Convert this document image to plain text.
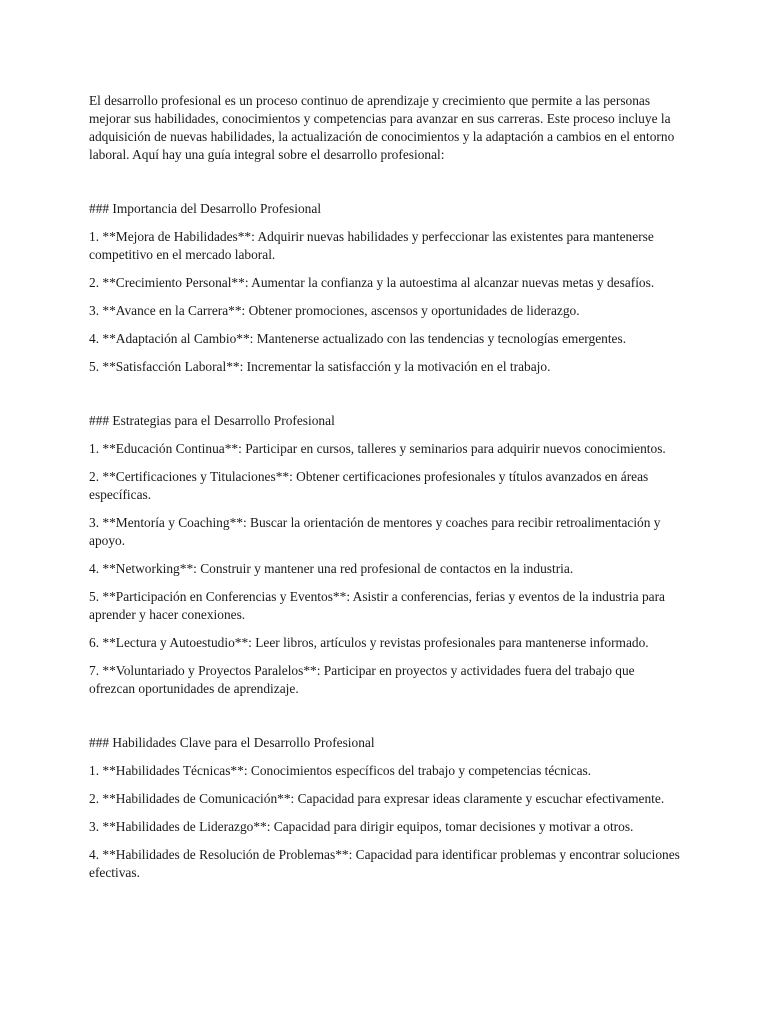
El desarrollo profesional es un proceso continuo de aprendizaje y crecimiento que permite a las personas mejorar sus habilidades, conocimientos y competencias para avanzar en sus carreras. Este proceso incluye la adquisición de nuevas habilidades, la actualización de conocimientos y la adaptación a cambios en el entorno laboral. Aquí hay una guía integral sobre el desarrollo profesional:

### Importancia del Desarrollo Profesional

1. **Mejora de Habilidades**: Adquirir nuevas habilidades y perfeccionar las existentes para mantenerse competitivo en el mercado laboral.

2. **Crecimiento Personal**: Aumentar la confianza y la autoestima al alcanzar nuevas metas y desafíos.

3. **Avance en la Carrera**: Obtener promociones, ascensos y oportunidades de liderazgo.

4. **Adaptación al Cambio**: Mantenerse actualizado con las tendencias y tecnologías emergentes.

5. **Satisfacción Laboral**: Incrementar la satisfacción y la motivación en el trabajo.

### Estrategias para el Desarrollo Profesional

1. **Educación Continua**: Participar en cursos, talleres y seminarios para adquirir nuevos conocimientos.

2. **Certificaciones y Titulaciones**: Obtener certificaciones profesionales y títulos avanzados en áreas específicas.

3. **Mentoría y Coaching**: Buscar la orientación de mentores y coaches para recibir retroalimentación y apoyo.

4. **Networking**: Construir y mantener una red profesional de contactos en la industria.

5. **Participación en Conferencias y Eventos**: Asistir a conferencias, ferias y eventos de la industria para aprender y hacer conexiones.

6. **Lectura y Autoestudio**: Leer libros, artículos y revistas profesionales para mantenerse informado.

7. **Voluntariado y Proyectos Paralelos**: Participar en proyectos y actividades fuera del trabajo que ofrezcan oportunidades de aprendizaje.

### Habilidades Clave para el Desarrollo Profesional

1. **Habilidades Técnicas**: Conocimientos específicos del trabajo y competencias técnicas.

2. **Habilidades de Comunicación**: Capacidad para expresar ideas claramente y escuchar efectivamente.

3. **Habilidades de Liderazgo**: Capacidad para dirigir equipos, tomar decisiones y motivar a otros.

4. **Habilidades de Resolución de Problemas**: Capacidad para identificar problemas y encontrar soluciones efectivas.
